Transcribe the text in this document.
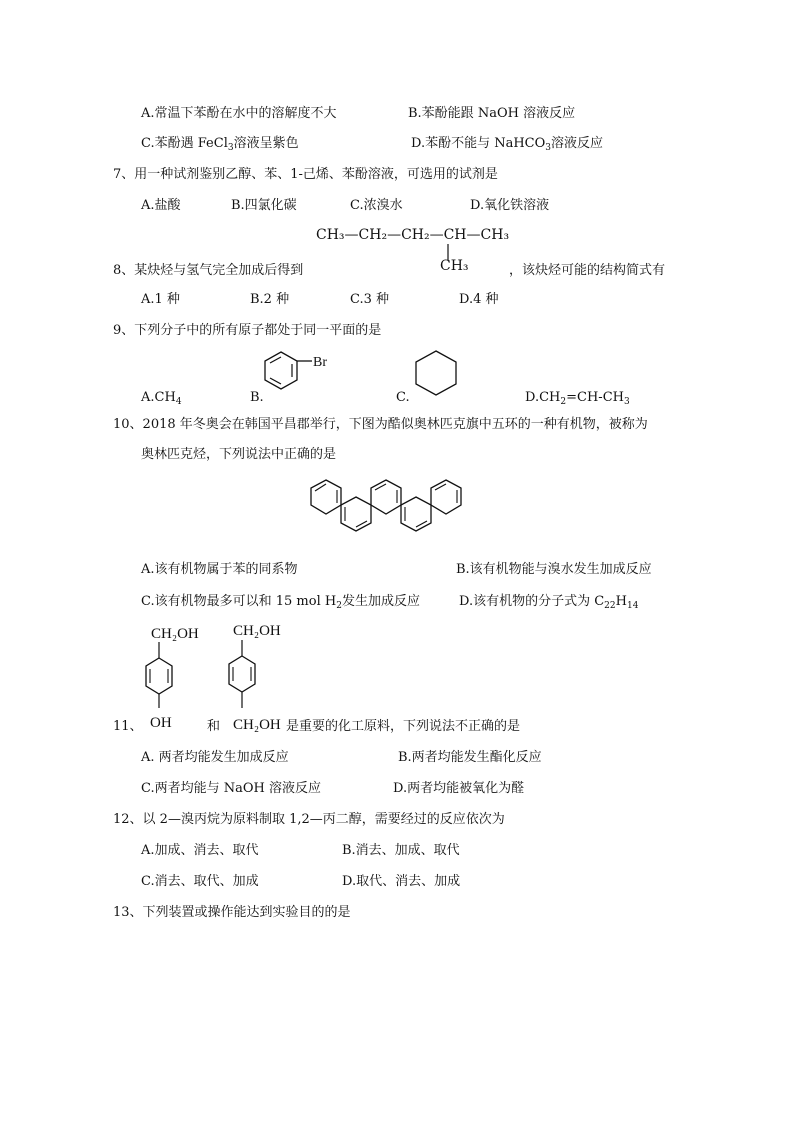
A.常温下苯酚在水中的溶解度不大	B.苯酚能跟 NaOH 溶液反应
C.苯酚遇 FeCl$_3$溶液呈紫色	D.苯酚不能与 NaHCO$_3$溶液反应
7、用一种试剂鉴别乙醇、苯、1-己烯、苯酚溶液，可选用的试剂是
A.盐酸	B.四氯化碳	C.浓溴水	D.氧化铁溶液
CH₃—CH₂—CH₂—CH—CH₃
CH₃
8、某炔烃与氢气完全加成后得到	，该炔烃可能的结构简式有
A.1 种	B.2 种	C.3 种	D.4 种
9、下列分子中的所有原子都处于同一平面的是
$A.CH_4$	B.
Br
C.	$D.CH_2=CH-CH_3$
10、2018 年冬奥会在韩国平昌郡举行，下图为酷似奥林匹克旗中五环的一种有机物，被称为
奥林匹克烃，下列说法中正确的是
A.该有机物属于苯的同系物	B.该有机物能与溴水发生加成反应
C.该有机物最多可以和 15 mol $H_2$发生加成反应	D.该有机物的分子式为 $C_{22}H_{14}$
CH₂OH
OH
CH₂OH
CH₂OH
11、	和	是重要的化工原料，下列说法不正确的是
A. 两者均能发生加成反应	B.两者均能发生酯化反应
C.两者均能与 NaOH 溶液反应	D.两者均能被氧化为醛
12、以 2—溴丙烷为原料制取 1,2—丙二醇，需要经过的反应依次为
A.加成、消去、取代	B.消去、加成、取代
C.消去、取代、加成	D.取代、消去、加成
13、下列装置或操作能达到实验目的的是
